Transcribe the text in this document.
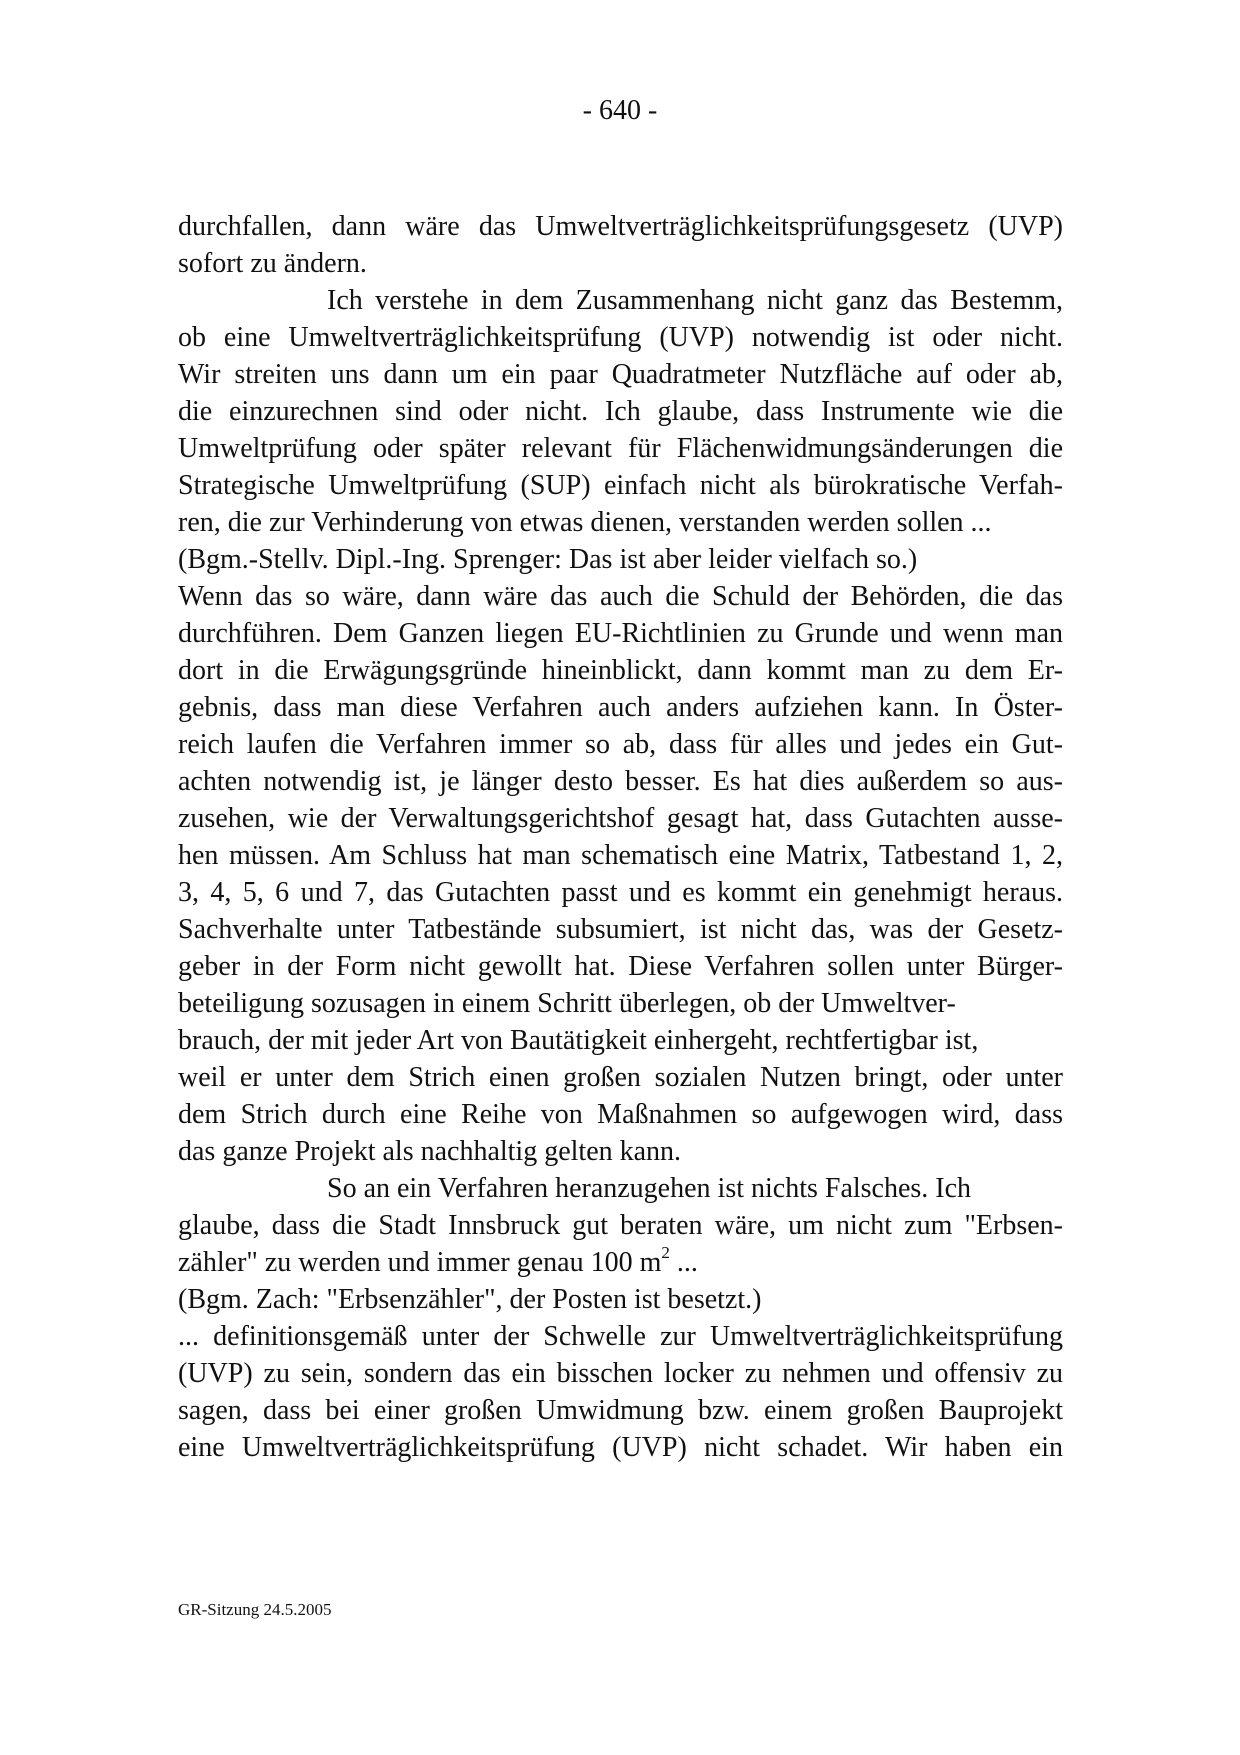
- 640 -
durchfallen, dann wäre das Umweltverträglichkeitsprüfungsgesetz (UVP)
sofort zu ändern.
Ich verstehe in dem Zusammenhang nicht ganz das Bestemm,
ob eine Umweltverträglichkeitsprüfung (UVP) notwendig ist oder nicht.
Wir streiten uns dann um ein paar Quadratmeter Nutzfläche auf oder ab,
die einzurechnen sind oder nicht. Ich glaube, dass Instrumente wie die
Umweltprüfung oder später relevant für Flächenwidmungsänderungen die
Strategische Umweltprüfung (SUP) einfach nicht als bürokratische Verfah-
ren, die zur Verhinderung von etwas dienen, verstanden werden sollen ...
(Bgm.-Stellv. Dipl.-Ing. Sprenger: Das ist aber leider vielfach so.)
Wenn das so wäre, dann wäre das auch die Schuld der Behörden, die das
durchführen. Dem Ganzen liegen EU-Richtlinien zu Grunde und wenn man
dort in die Erwägungsgründe hineinblickt, dann kommt man zu dem Er-
gebnis, dass man diese Verfahren auch anders aufziehen kann. In Öster-
reich laufen die Verfahren immer so ab, dass für alles und jedes ein Gut-
achten notwendig ist, je länger desto besser. Es hat dies außerdem so aus-
zusehen, wie der Verwaltungsgerichtshof gesagt hat, dass Gutachten ausse-
hen müssen. Am Schluss hat man schematisch eine Matrix, Tatbestand 1, 2,
3, 4, 5, 6 und 7, das Gutachten passt und es kommt ein genehmigt heraus.
Sachverhalte unter Tatbestände subsumiert, ist nicht das, was der Gesetz-
geber in der Form nicht gewollt hat. Diese Verfahren sollen unter Bürger-
beteiligung sozusagen in einem Schritt überlegen, ob der Umweltver-
brauch, der mit jeder Art von Bautätigkeit einhergeht, rechtfertigbar ist,
weil er unter dem Strich einen großen sozialen Nutzen bringt, oder unter
dem Strich durch eine Reihe von Maßnahmen so aufgewogen wird, dass
das ganze Projekt als nachhaltig gelten kann.
So an ein Verfahren heranzugehen ist nichts Falsches. Ich
glaube, dass die Stadt Innsbruck gut beraten wäre, um nicht zum "Erbsen-
zähler" zu werden und immer genau 100 $m^2$ ...
(Bgm. Zach: "Erbsenzähler", der Posten ist besetzt.)
... definitionsgemäß unter der Schwelle zur Umweltverträglichkeitsprüfung
(UVP) zu sein, sondern das ein bisschen locker zu nehmen und offensiv zu
sagen, dass bei einer großen Umwidmung bzw. einem großen Bauprojekt
eine Umweltverträglichkeitsprüfung (UVP) nicht schadet. Wir haben ein
GR-Sitzung 24.5.2005
